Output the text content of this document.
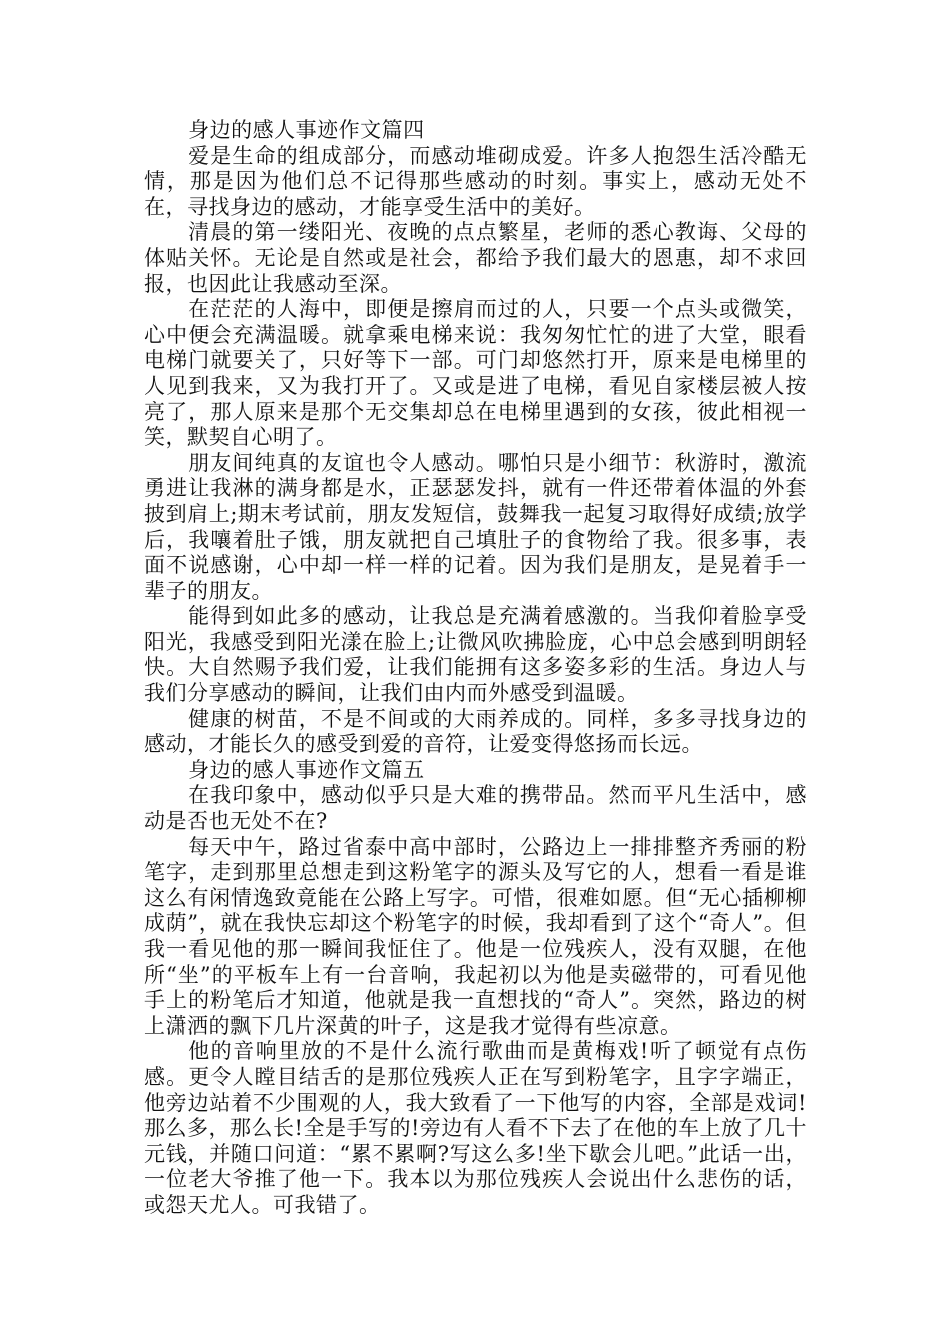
身边的感人事迹作文篇四

爱是生命的组成部分，而感动堆砌成爱。许多人抱怨生活冷酷无情，那是因为他们总不记得那些感动的时刻。事实上，感动无处不在，寻找身边的感动，才能享受生活中的美好。

清晨的第一缕阳光、夜晚的点点繁星，老师的悉心教诲、父母的体贴关怀。无论是自然或是社会，都给予我们最大的恩惠，却不求回报，也因此让我感动至深。

在茫茫的人海中，即便是擦肩而过的人，只要一个点头或微笑，心中便会充满温暖。就拿乘电梯来说：我匆匆忙忙的进了大堂，眼看电梯门就要关了，只好等下一部。可门却悠然打开，原来是电梯里的人见到我来，又为我打开了。又或是进了电梯，看见自家楼层被人按亮了，那人原来是那个无交集却总在电梯里遇到的女孩，彼此相视一笑，默契自心明了。

朋友间纯真的友谊也令人感动。哪怕只是小细节：秋游时，激流勇进让我淋的满身都是水，正瑟瑟发抖，就有一件还带着体温的外套披到肩上;期末考试前，朋友发短信，鼓舞我一起复习取得好成绩;放学后，我嚷着肚子饿，朋友就把自己填肚子的食物给了我。很多事，表面不说感谢，心中却一样一样的记着。因为我们是朋友，是晃着手一辈子的朋友。

能得到如此多的感动，让我总是充满着感激的。当我仰着脸享受阳光，我感受到阳光漾在脸上;让微风吹拂脸庞，心中总会感到明朗轻快。大自然赐予我们爱，让我们能拥有这多姿多彩的生活。身边人与我们分享感动的瞬间，让我们由内而外感受到温暖。

健康的树苗，不是不间或的大雨养成的。同样，多多寻找身边的感动，才能长久的感受到爱的音符，让爱变得悠扬而长远。

身边的感人事迹作文篇五

在我印象中，感动似乎只是大难的携带品。然而平凡生活中，感动是否也无处不在?

每天中午，路过省泰中高中部时，公路边上一排排整齐秀丽的粉笔字，走到那里总想走到这粉笔字的源头及写它的人，想看一看是谁这么有闲情逸致竟能在公路上写字。可惜，很难如愿。但“无心插柳柳成荫”，就在我快忘却这个粉笔字的时候，我却看到了这个“奇人”。但我一看见他的那一瞬间我怔住了。他是一位残疾人，没有双腿，在他所“坐”的平板车上有一台音响，我起初以为他是卖磁带的，可看见他手上的粉笔后才知道，他就是我一直想找的“奇人”。突然，路边的树上潇洒的飘下几片深黄的叶子，这是我才觉得有些凉意。

他的音响里放的不是什么流行歌曲而是黄梅戏!听了顿觉有点伤感。更令人瞠目结舌的是那位残疾人正在写到粉笔字，且字字端正，他旁边站着不少围观的人，我大致看了一下他写的内容，全部是戏词!那么多，那么长!全是手写的!旁边有人看不下去了在他的车上放了几十元钱，并随口问道：“累不累啊?写这么多!坐下歇会儿吧。”此话一出，一位老大爷推了他一下。我本以为那位残疾人会说出什么悲伤的话，或怨天尤人。可我错了。
